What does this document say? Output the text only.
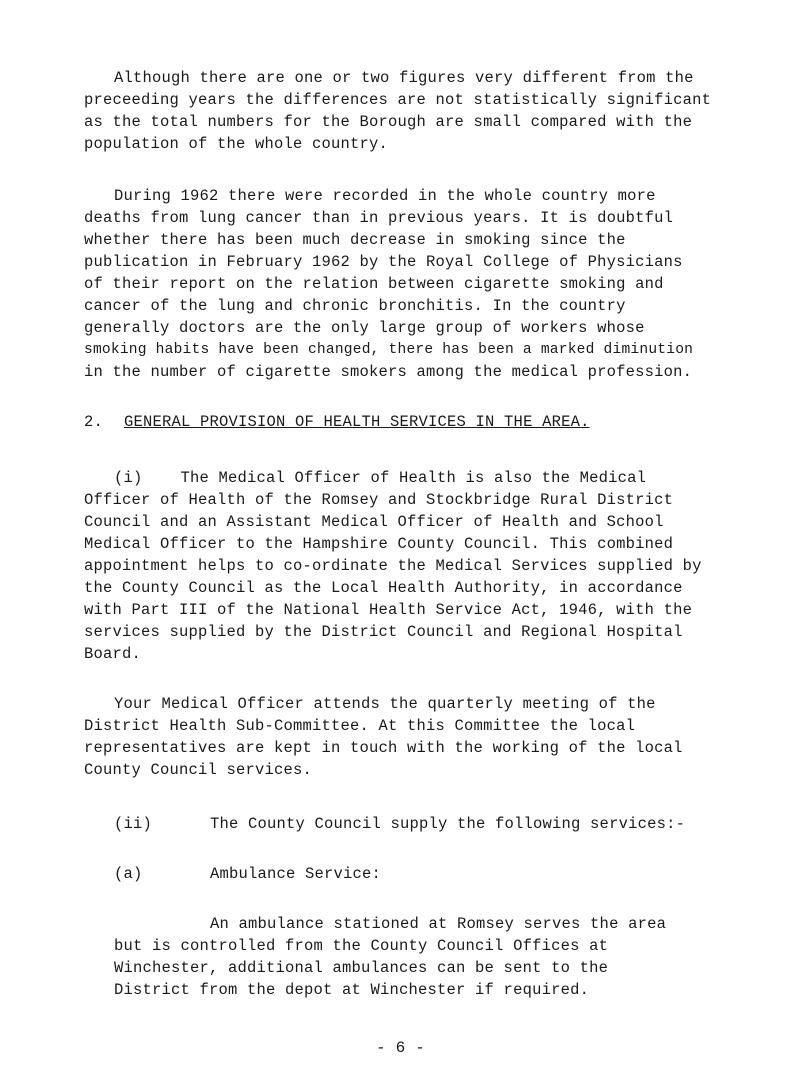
Although there are one or two figures very different from the
preceeding years the differences are not statistically significant
as the total numbers for the Borough are small compared with the
population of the whole country.
During 1962 there were recorded in the whole country more
deaths from lung cancer than in previous years. It is doubtful
whether there has been much decrease in smoking since the
publication in February 1962 by the Royal College of Physicians
of their report on the relation between cigarette smoking and
cancer of the lung and chronic bronchitis. In the country
generally doctors are the only large group of workers whose
smoking habits have been changed, there has been a marked diminution
in the number of cigarette smokers among the medical profession.
2. GENERAL PROVISION OF HEALTH SERVICES IN THE AREA.
(i)    The Medical Officer of Health is also the Medical
Officer of Health of the Romsey and Stockbridge Rural District
Council and an Assistant Medical Officer of Health and School
Medical Officer to the Hampshire County Council. This combined
appointment helps to co-ordinate the Medical Services supplied by
the County Council as the Local Health Authority, in accordance
with Part III of the National Health Service Act, 1946, with the
services supplied by the District Council and Regional Hospital
Board.
Your Medical Officer attends the quarterly meeting of the
District Health Sub-Committee. At this Committee the local
representatives are kept in touch with the working of the local
County Council services.
(ii)	The County Council supply the following services:-
(a)	Ambulance Service:
An ambulance stationed at Romsey serves the area
but is controlled from the County Council Offices at
Winchester, additional ambulances can be sent to the
District from the depot at Winchester if required.
- 6 -
